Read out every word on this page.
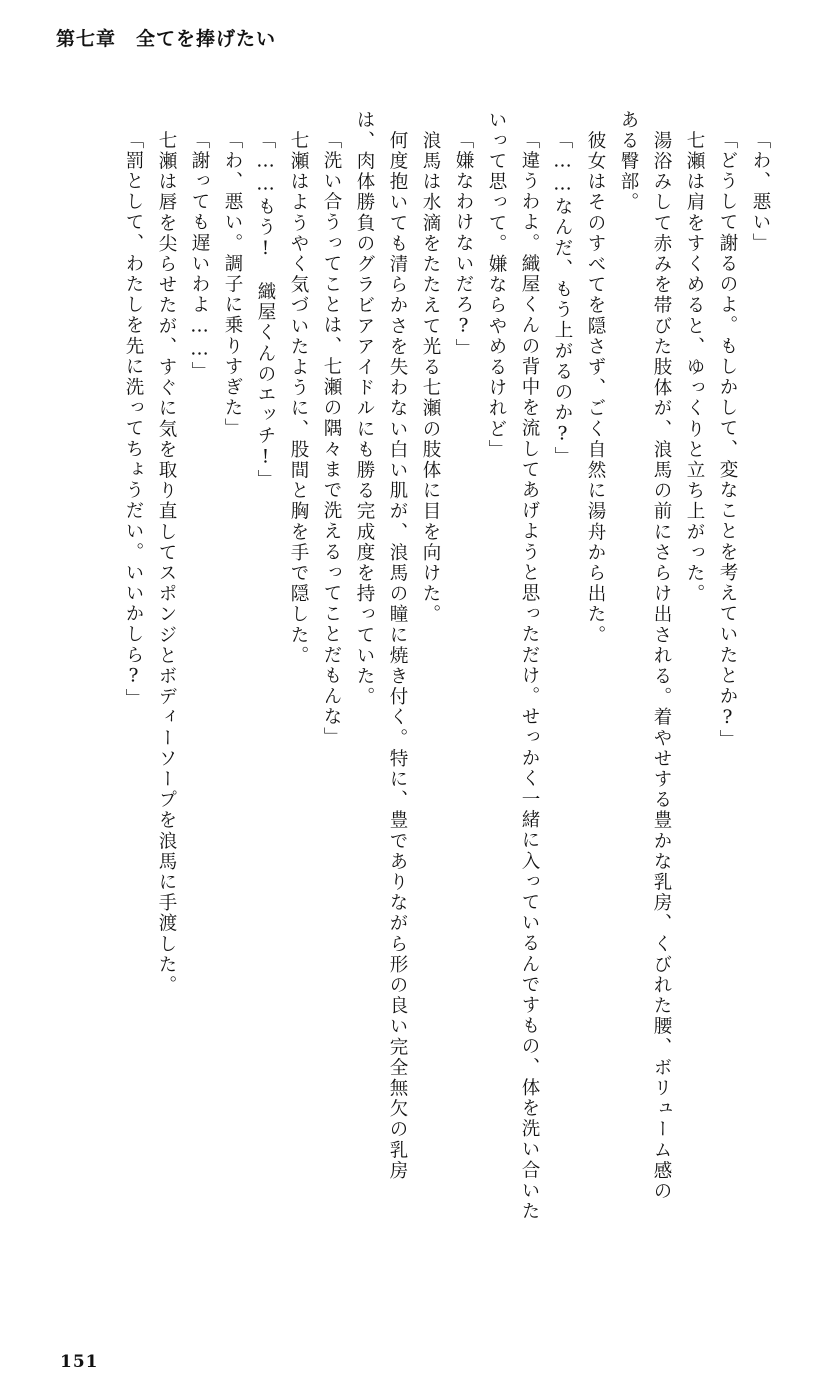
第七章　全てを捧げたい
「わ、悪い」
「どうして謝るのよ。もしかして、変なことを考えていたとか?」
　七瀬は肩をすくめると、ゆっくりと立ち上がった。
　湯浴みして赤みを帯びた肢体が、浪馬の前にさらけ出される。着やせする豊かな乳房、くびれた腰、ボリューム感の
ある臀部。
　彼女はそのすべてを隠さず、ごく自然に湯舟から出た。
「……なんだ、もう上がるのか?」
「違うわよ。織屋くんの背中を流してあげようと思っただけ。せっかく一緒に入っているんですもの、体を洗い合いた
いって思って。嫌ならやめるけれど」
「嫌なわけないだろ?」
　浪馬は水滴をたたえて光る七瀬の肢体に目を向けた。
　何度抱いても清らかさを失わない白い肌が、浪馬の瞳に焼き付く。特に、豊でありながら形の良い完全無欠の乳房
は、肉体勝負のグラビアアイドルにも勝る完成度を持っていた。
「洗い合うってことは、七瀬の隅々まで洗えるってことだもんな」
　七瀬はようやく気づいたように、股間と胸を手で隠した。
「……もう!　織屋くんのエッチ!」
「わ、悪い。調子に乗りすぎた」
「謝っても遅いわよ……」
　七瀬は唇を尖らせたが、すぐに気を取り直してスポンジとボディーソープを浪馬に手渡した。
「罰として、わたしを先に洗ってちょうだい。いいかしら?」
151
